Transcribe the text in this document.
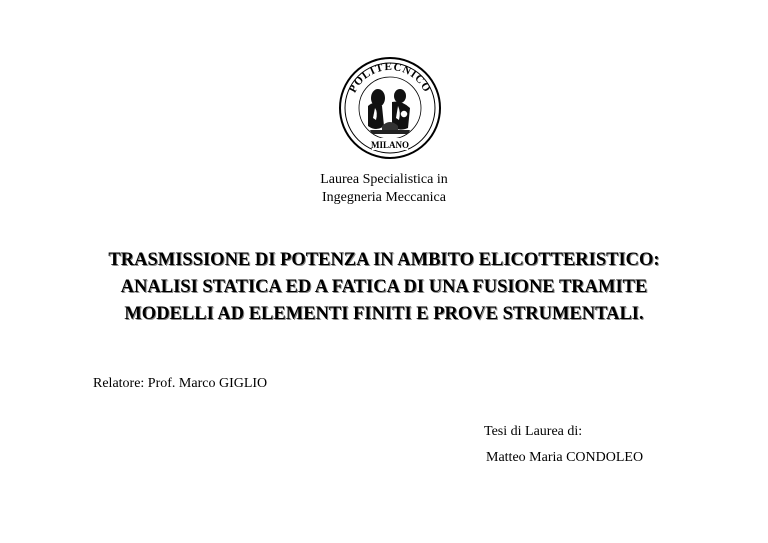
POLITECNICO
MILANO
Laurea Specialistica in
Ingegneria Meccanica
TRASMISSIONE DI POTENZA IN AMBITO ELICOTTERISTICO:
ANALISI STATICA ED A FATICA DI UNA FUSIONE TRAMITE
MODELLI AD ELEMENTI FINITI E PROVE STRUMENTALI.
Relatore: Prof. Marco GIGLIO
Tesi di Laurea di:
Matteo Maria CONDOLEO
